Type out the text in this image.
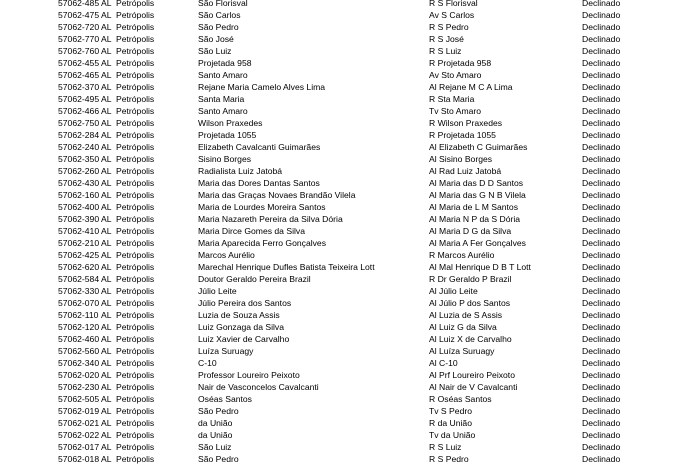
57062-485 AL Petrópolis	São Florisval	R S Florisval	Declinado
57062-475 AL Petrópolis	São Carlos	Av S Carlos	Declinado
57062-720 AL Petrópolis	São Pedro	R S Pedro	Declinado
57062-770 AL Petrópolis	São José	R S José	Declinado
57062-760 AL Petrópolis	São Luiz	R S Luiz	Declinado
57062-455 AL Petrópolis	Projetada 958	R Projetada 958	Declinado
57062-465 AL Petrópolis	Santo Amaro	Av Sto Amaro	Declinado
57062-370 AL Petrópolis	Rejane Maria Camelo Alves Lima	Al Rejane M C A Lima	Declinado
57062-495 AL Petrópolis	Santa Maria	R Sta Maria	Declinado
57062-466 AL Petrópolis	Santo Amaro	Tv Sto Amaro	Declinado
57062-750 AL Petrópolis	Wilson Praxedes	R Wilson Praxedes	Declinado
57062-284 AL Petrópolis	Projetada 1055	R Projetada 1055	Declinado
57062-240 AL Petrópolis	Elizabeth Cavalcanti Guimarães	Al Elizabeth C Guimarães	Declinado
57062-350 AL Petrópolis	Sisino Borges	Al Sisino Borges	Declinado
57062-260 AL Petrópolis	Radialista Luiz Jatobá	Al Rad Luiz Jatobá	Declinado
57062-430 AL Petrópolis	Maria das Dores Dantas Santos	Al Maria das D D Santos	Declinado
57062-160 AL Petrópolis	Maria das Graças Novaes Brandão Vilela	Al Maria das G N B Vilela	Declinado
57062-400 AL Petrópolis	Maria de Lourdes Moreira Santos	Al Maria de L M Santos	Declinado
57062-390 AL Petrópolis	Maria Nazareth Pereira da Silva Dória	Al Maria N P da S Dória	Declinado
57062-410 AL Petrópolis	Maria Dirce Gomes da Silva	Al Maria D G da Silva	Declinado
57062-210 AL Petrópolis	Maria Aparecida Ferro Gonçalves	Al Maria A Fer Gonçalves	Declinado
57062-425 AL Petrópolis	Marcos Aurélio	R Marcos Aurélio	Declinado
57062-620 AL Petrópolis	Marechal Henrique Dufles Batista Teixeira Lott	Al Mal Henrique D B T Lott	Declinado
57062-584 AL Petrópolis	Doutor Geraldo Pereira Brazil	R Dr Geraldo P Brazil	Declinado
57062-330 AL Petrópolis	Júlio Leite	Al Júlio Leite	Declinado
57062-070 AL Petrópolis	Júlio Pereira dos Santos	Al Júlio P dos Santos	Declinado
57062-110 AL Petrópolis	Luzia de Souza Assis	Al Luzia de S Assis	Declinado
57062-120 AL Petrópolis	Luiz Gonzaga da Silva	Al Luiz G da Silva	Declinado
57062-460 AL Petrópolis	Luiz Xavier de Carvalho	Al Luiz X de Carvalho	Declinado
57062-560 AL Petrópolis	Luíza Suruagy	Al Luíza Suruagy	Declinado
57062-340 AL Petrópolis	C-10	Al C-10	Declinado
57062-020 AL Petrópolis	Professor Loureiro Peixoto	Al Prf Loureiro Peixoto	Declinado
57062-230 AL Petrópolis	Nair de Vasconcelos Cavalcanti	Al Nair de V Cavalcanti	Declinado
57062-505 AL Petrópolis	Oséas Santos	R Oséas Santos	Declinado
57062-019 AL Petrópolis	São Pedro	Tv S Pedro	Declinado
57062-021 AL Petrópolis	da União	R da União	Declinado
57062-022 AL Petrópolis	da União	Tv da União	Declinado
57062-017 AL Petrópolis	São Luiz	R S Luiz	Declinado
57062-018 AL Petrópolis	São Pedro	R S Pedro	Declinado
